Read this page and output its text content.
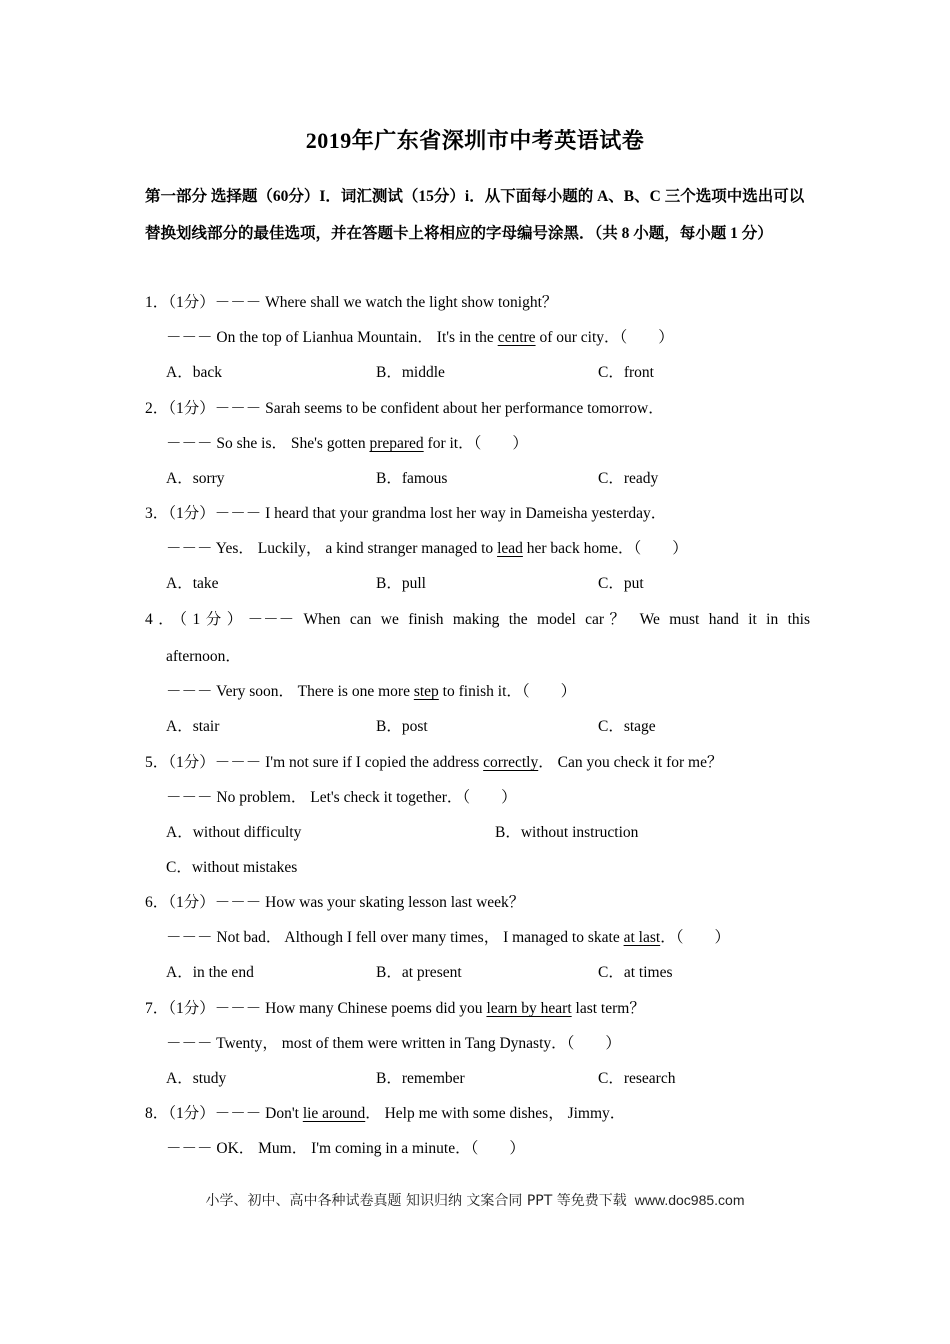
2019年广东省深圳市中考英语试卷
第一部分 选择题（60分）I．词汇测试（15分）i．从下面每小题的 A、B、C 三个选项中选出可以替换划线部分的最佳选项，并在答题卡上将相应的字母编号涂黑．（共 8 小题，每小题 1 分）
1．（1分）－－－ Where shall we watch the light show tonight？
－－－ On the top of Lianhua Mountain． It's in the centre of our city．（　　）
A．back	B．middle	C．front
2．（1分）－－－ Sarah seems to be confident about her performance tomorrow．
－－－ So she is． She's gotten prepared for it．（　　）
A．sorry	B．famous	C．ready
3．（1分）－－－ I heard that your grandma lost her way in Dameisha yesterday．
－－－ Yes． Luckily， a kind stranger managed to lead her back home．（　　）
A．take	B．pull	C．put
4．（1分）－－－ When can we finish making the model car？ We must hand it in this
afternoon．
－－－ Very soon． There is one more step to finish it．（　　）
A．stair	B．post	C．stage
5．（1分）－－－ I'm not sure if I copied the address correctly． Can you check it for me？
－－－ No problem． Let's check it together．（　　）
A．without difficulty	B．without instruction
C．without mistakes
6．（1分）－－－ How was your skating lesson last week？
－－－ Not bad． Although I fell over many times， I managed to skate at last．（　　）
A．in the end	B．at present	C．at times
7．（1分）－－－ How many Chinese poems did you learn by heart last term？
－－－ Twenty， most of them were written in Tang Dynasty．（　　）
A．study	B．remember	C．research
8．（1分）－－－ Don't lie around． Help me with some dishes， Jimmy．
－－－ OK． Mum． I'm coming in a minute．（　　）
小学、初中、高中各种试卷真题 知识归纳 文案合同 PPT 等免费下载 www.doc985.com
